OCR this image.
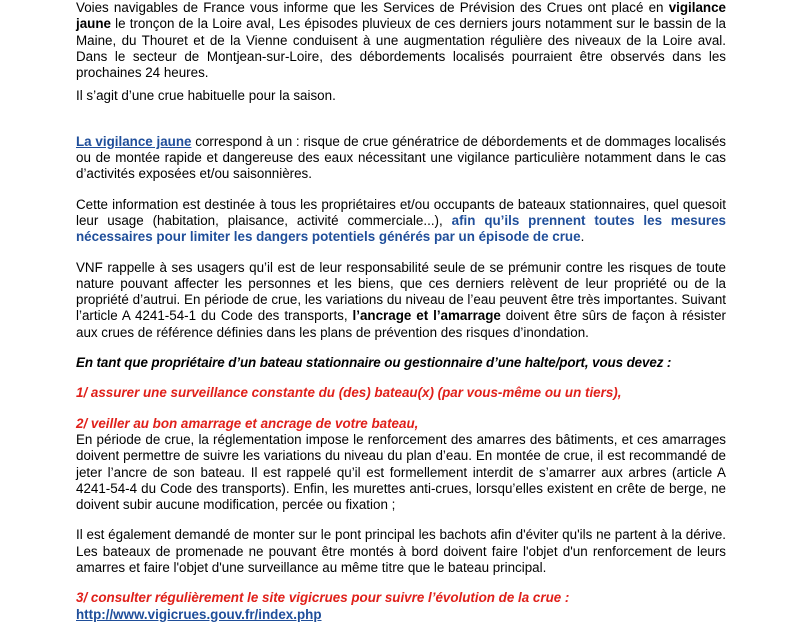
Voies navigables de France vous informe que les Services de Prévision des Crues ont placé en vigilance jaune le tronçon de la Loire aval, Les épisodes pluvieux de ces derniers jours notamment sur le bassin de la Maine, du Thouret et de la Vienne conduisent à une augmentation régulière des niveaux de la Loire aval. Dans le secteur de Montjean-sur-Loire, des débordements localisés pourraient être observés dans les prochaines 24 heures.

Il s’agit d’une crue habituelle pour la saison.

La vigilance jaune correspond à un : risque de crue génératrice de débordements et de dommages localisés ou de montée rapide et dangereuse des eaux nécessitant une vigilance particulière notamment dans le cas d’activités exposées et/ou saisonnières.

Cette information est destinée à tous les propriétaires et/ou occupants de bateaux stationnaires, quel quesoit leur usage (habitation, plaisance, activité commerciale...), afin qu’ils prennent toutes les mesures nécessaires pour limiter les dangers potentiels générés par un épisode de crue.

VNF rappelle à ses usagers qu’il est de leur responsabilité seule de se prémunir contre les risques de toute nature pouvant affecter les personnes et les biens, que ces derniers relèvent de leur propriété ou de la propriété d’autrui. En période de crue, les variations du niveau de l’eau peuvent être très importantes. Suivant l’article A 4241-54-1 du Code des transports, l’ancrage et l’amarrage doivent être sûrs de façon à résister aux crues de référence définies dans les plans de prévention des risques d’inondation.

En tant que propriétaire d’un bateau stationnaire ou gestionnaire d’une halte/port, vous devez :

1/ assurer une surveillance constante du (des) bateau(x) (par vous-même ou un tiers),

2/ veiller au bon amarrage et ancrage de votre bateau,

En période de crue, la réglementation impose le renforcement des amarres des bâtiments, et ces amarrages doivent permettre de suivre les variations du niveau du plan d’eau. En montée de crue, il est recommandé de jeter l’ancre de son bateau. Il est rappelé qu’il est formellement interdit de s’amarrer aux arbres (article A 4241-54-4 du Code des transports). Enfin, les murettes anti-crues, lorsqu’elles existent en crête de berge, ne doivent subir aucune modification, percée ou fixation ;

Il est également demandé de monter sur le pont principal les bachots afin d'éviter qu'ils ne partent à la dérive. Les bateaux de promenade ne pouvant être montés à bord doivent faire l'objet d'un renforcement de leurs amarres et faire l'objet d'une surveillance au même titre que le bateau principal.

3/ consulter régulièrement le site vigicrues pour suivre l’évolution de la crue :

http://www.vigicrues.gouv.fr/index.php
